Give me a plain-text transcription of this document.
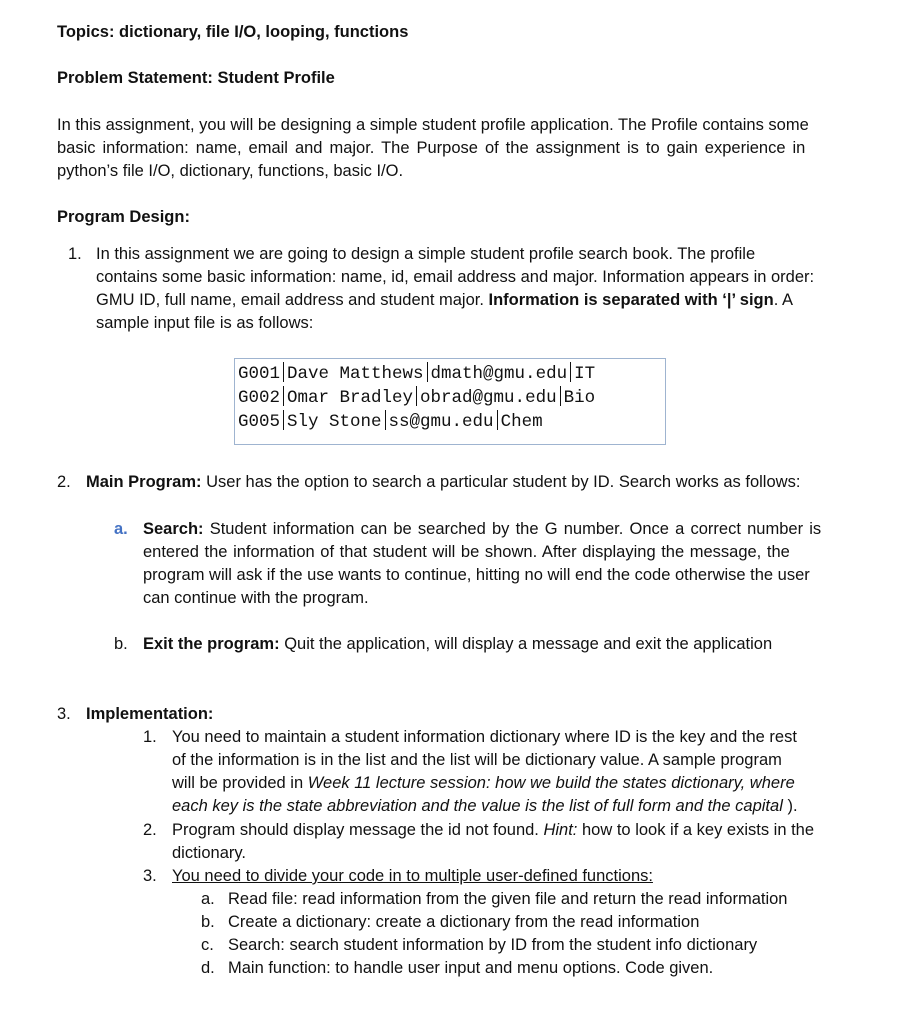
Topics: dictionary, file I/O, looping, functions
Problem Statement: Student Profile
In this assignment, you will be designing a simple student profile application. The Profile contains some
basic information: name, email and major. The Purpose of the assignment is to gain experience in
python’s file I/O, dictionary, functions, basic I/O.
Program Design:
1. In this assignment we are going to design a simple student profile search book. The profile
contains some basic information: name, id, email address and major. Information appears in order:
GMU ID, full name, email address and student major. Information is separated with ‘|’ sign. A
sample input file is as follows:
G001 Dave Matthews dmath@gmu.edu IT
G002 Omar Bradley obrad@gmu.edu Bio
G005 Sly Stone ss@gmu.edu Chem
2. Main Program: User has the option to search a particular student by ID. Search works as follows:
a. Search: Student information can be searched by the G number. Once a correct number is
entered the information of that student will be shown. After displaying the message, the
program will ask if the use wants to continue, hitting no will end the code otherwise the user
can continue with the program.
b. Exit the program: Quit the application, will display a message and exit the application
3. Implementation:
1. You need to maintain a student information dictionary where ID is the key and the rest
of the information is in the list and the list will be dictionary value. A sample program
will be provided in Week 11 lecture session: how we build the states dictionary, where
each key is the state abbreviation and the value is the list of full form and the capital ).
2. Program should display message the id not found. Hint: how to look if a key exists in the
dictionary.
3. You need to divide your code in to multiple user-defined functions:
a. Read file: read information from the given file and return the read information
b. Create a dictionary: create a dictionary from the read information
c. Search: search student information by ID from the student info dictionary
d. Main function: to handle user input and menu options. Code given.
